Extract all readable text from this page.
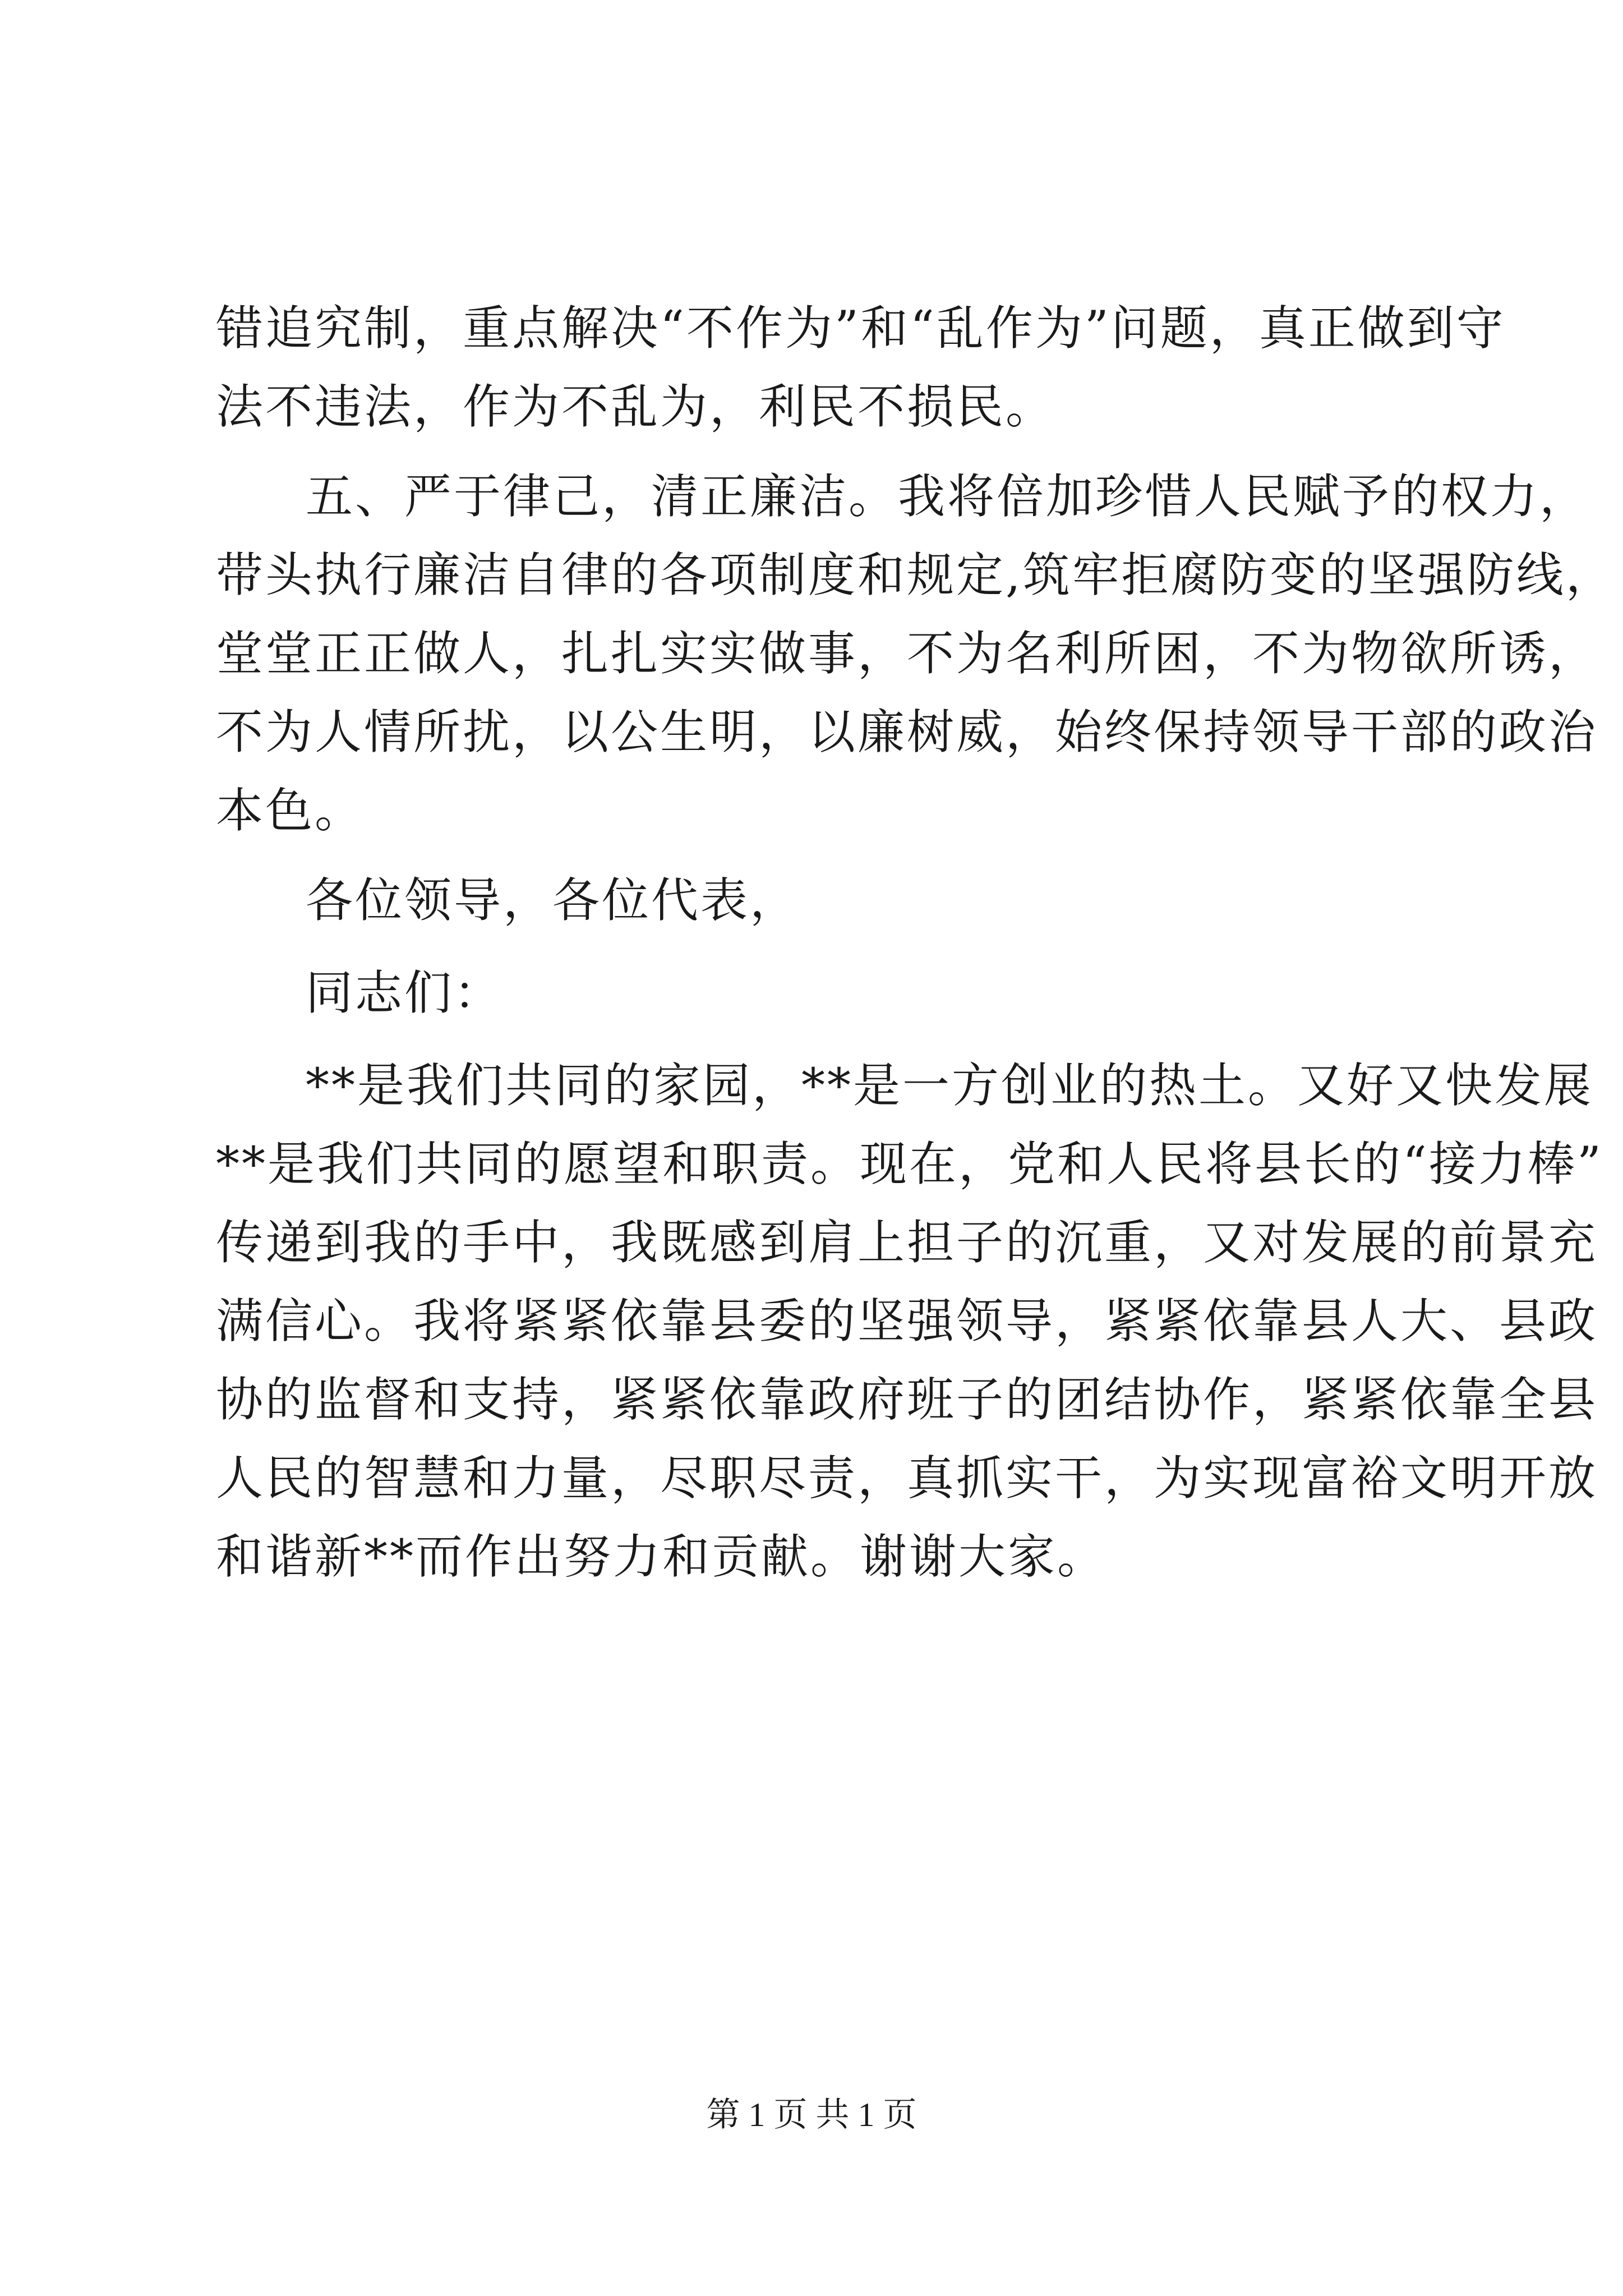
错追究制，重点解决“不作为”和“乱作为”问题，真正做到守
法不违法，作为不乱为，利民不损民。
五、严于律己，清正廉洁。我将倍加珍惜人民赋予的权力，
带头执行廉洁自律的各项制度和规定,筑牢拒腐防变的坚强防线，
堂堂正正做人，扎扎实实做事，不为名利所困，不为物欲所诱，
不为人情所扰，以公生明，以廉树威，始终保持领导干部的政治
本色。
各位领导，各位代表，
同志们：
**是我们共同的家园，**是一方创业的热土。又好又快发展
**是我们共同的愿望和职责。现在，党和人民将县长的“接力棒”
传递到我的手中，我既感到肩上担子的沉重，又对发展的前景充
满信心。我将紧紧依靠县委的坚强领导，紧紧依靠县人大、县政
协的监督和支持，紧紧依靠政府班子的团结协作，紧紧依靠全县
人民的智慧和力量，尽职尽责，真抓实干，为实现富裕文明开放
和谐新**而作出努力和贡献。谢谢大家。
第 1 页 共 1 页
